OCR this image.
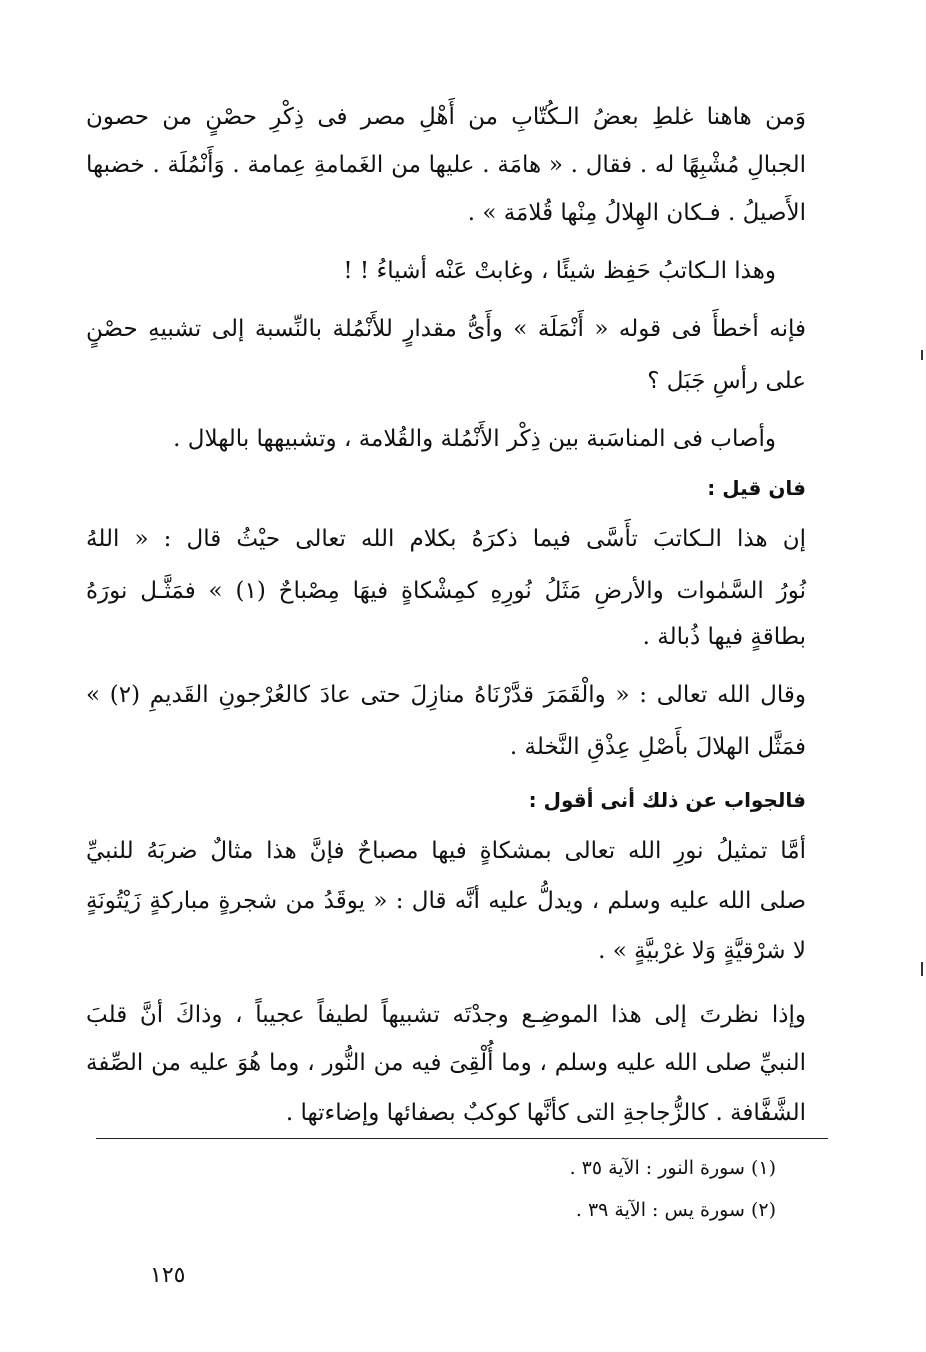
وَمن هاهنا غلطِ بعضُ الـكُتّابِ من أَهْلِ مصر فى ذِكْرِ حصْنٍ من حصون
الجبالِ مُشْبِهًا له . فقال . « هامَة . عليها من الغَمامةِ عِمامة . وَأَنْمُلَة . خضبها
الأَصيلُ . فـكان الهِلالُ مِنْها قُلامَة » .
وهذا الـكاتبُ حَفِظ شيئًا ، وغابتْ عَنْه أشياءُ ! !
فإنه أخطأَ فى قوله « أَنْمَلَة » وأَىُّ مقدارٍ للأَنْمُلة بالنِّسبة إلى تشبيهِ حصْنٍ
على رأسِ جَبَل ؟
وأصاب فى المناسَبة بين ذِكْر الأَنْمُلة والقُلامة ، وتشبيهها بالهلال .
فان قيل :
إن هذا الـكاتبَ تأَسَّى فيما ذكرَهُ بكلام الله تعالى حيْثُ قال : « اللهُ
نُورُ السَّمٰوات والأرضِ مَثَلُ نُورِهِ كمِشْكاةٍ فيهَا مِصْباحٌ (١) » فمَثَّـل نورَهُ
بطاقةٍ فيها ذُبالة .
وقال الله تعالى : « والْقَمَرَ قدَّرْنَاهُ منازِلَ حتى عادَ كالعُرْجونِ القَديمِ (٢) »
فمَثَّل الهلالَ بأَصْلِ عِذْقِ النَّخلة .
فالجواب عن ذلك أنى أقول :
أمَّا تمثيلُ نورِ الله تعالى بمشكاةٍ فيها مصباحٌ فإنَّ هذا مثالٌ ضربَهُ للنبيِّ
صلى الله عليه وسلم ، ويدلُّ عليه أنَّه قال : « يوقَدُ من شجرةٍ مباركةٍ زَيْتُونَةٍ
لا شرْقيَّةٍ وَلا غرْبيَّةٍ » .
وإذا نظرتَ إلى هذا الموضِـع وجدْتَه تشبيهاً لطيفاً عجيباً ، وذاكَ أنَّ قلبَ
النبيِّ صلى الله عليه وسلم ، وما أُلْقِىَ فيه من النُّور ، وما هُوَ عليه من الصِّفة
الشَّفَّافة . كالزُّجاجةِ التى كأنَّها كوكبٌ بصفائها وإضاءتها .
(١) سورة النور : الآية ٣٥ .
(٢) سورة يس : الآية ٣٩ .
١٢٥
